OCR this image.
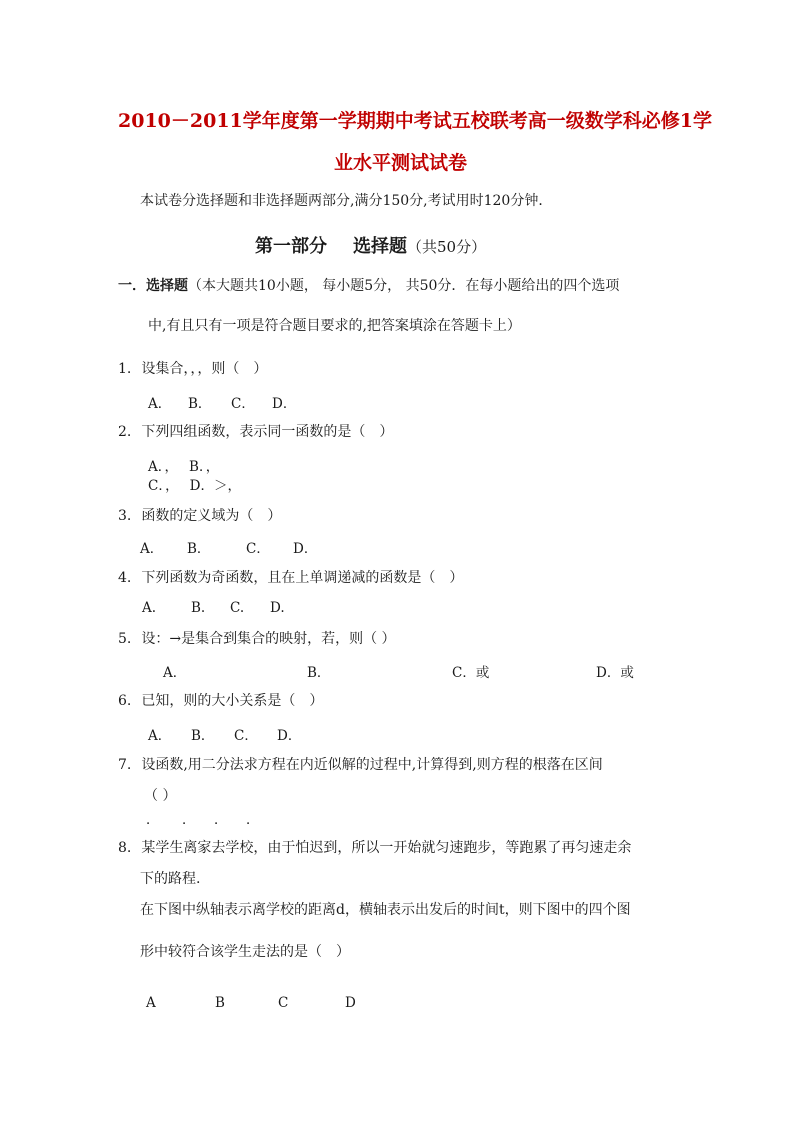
2010－2011学年度第一学期期中考试五校联考高一级数学科必修1学
业水平测试试卷
本试卷分选择题和非选择题两部分,满分150分,考试用时120分钟．
第一部分 选择题（共50分）
一．选择题（本大题共10小题， 每小题5分， 共50分．在每小题给出的四个选项
中,有且只有一项是符合题目要求的,把答案填涂在答题卡上）
1. 设集合，，，则（　）
A． B． C． D．
2. 下列四组函数，表示同一函数的是（　）
A．，　 B．，
C．，　 D．＞，
3. 函数的定义域为（　）
A． B．	C． D．
4. 下列函数为奇函数，且在上单调递减的函数是（　）
A.	B. C. D.
5. 设：→是集合到集合的映射，若，则（ ）
A．	B．	C．或	D．或
6. 已知，则的大小关系是（　）
A． B． C． D．
7. 设函数,用二分法求方程在内近似解的过程中,计算得到,则方程的根落在区间
（ ）
． ． ． ．
8. 某学生离家去学校，由于怕迟到，所以一开始就匀速跑步，等跑累了再匀速走余
下的路程.
在下图中纵轴表示离学校的距离d，横轴表示出发后的时间t，则下图中的四个图
形中较符合该学生走法的是（　）
A	B	C	D
